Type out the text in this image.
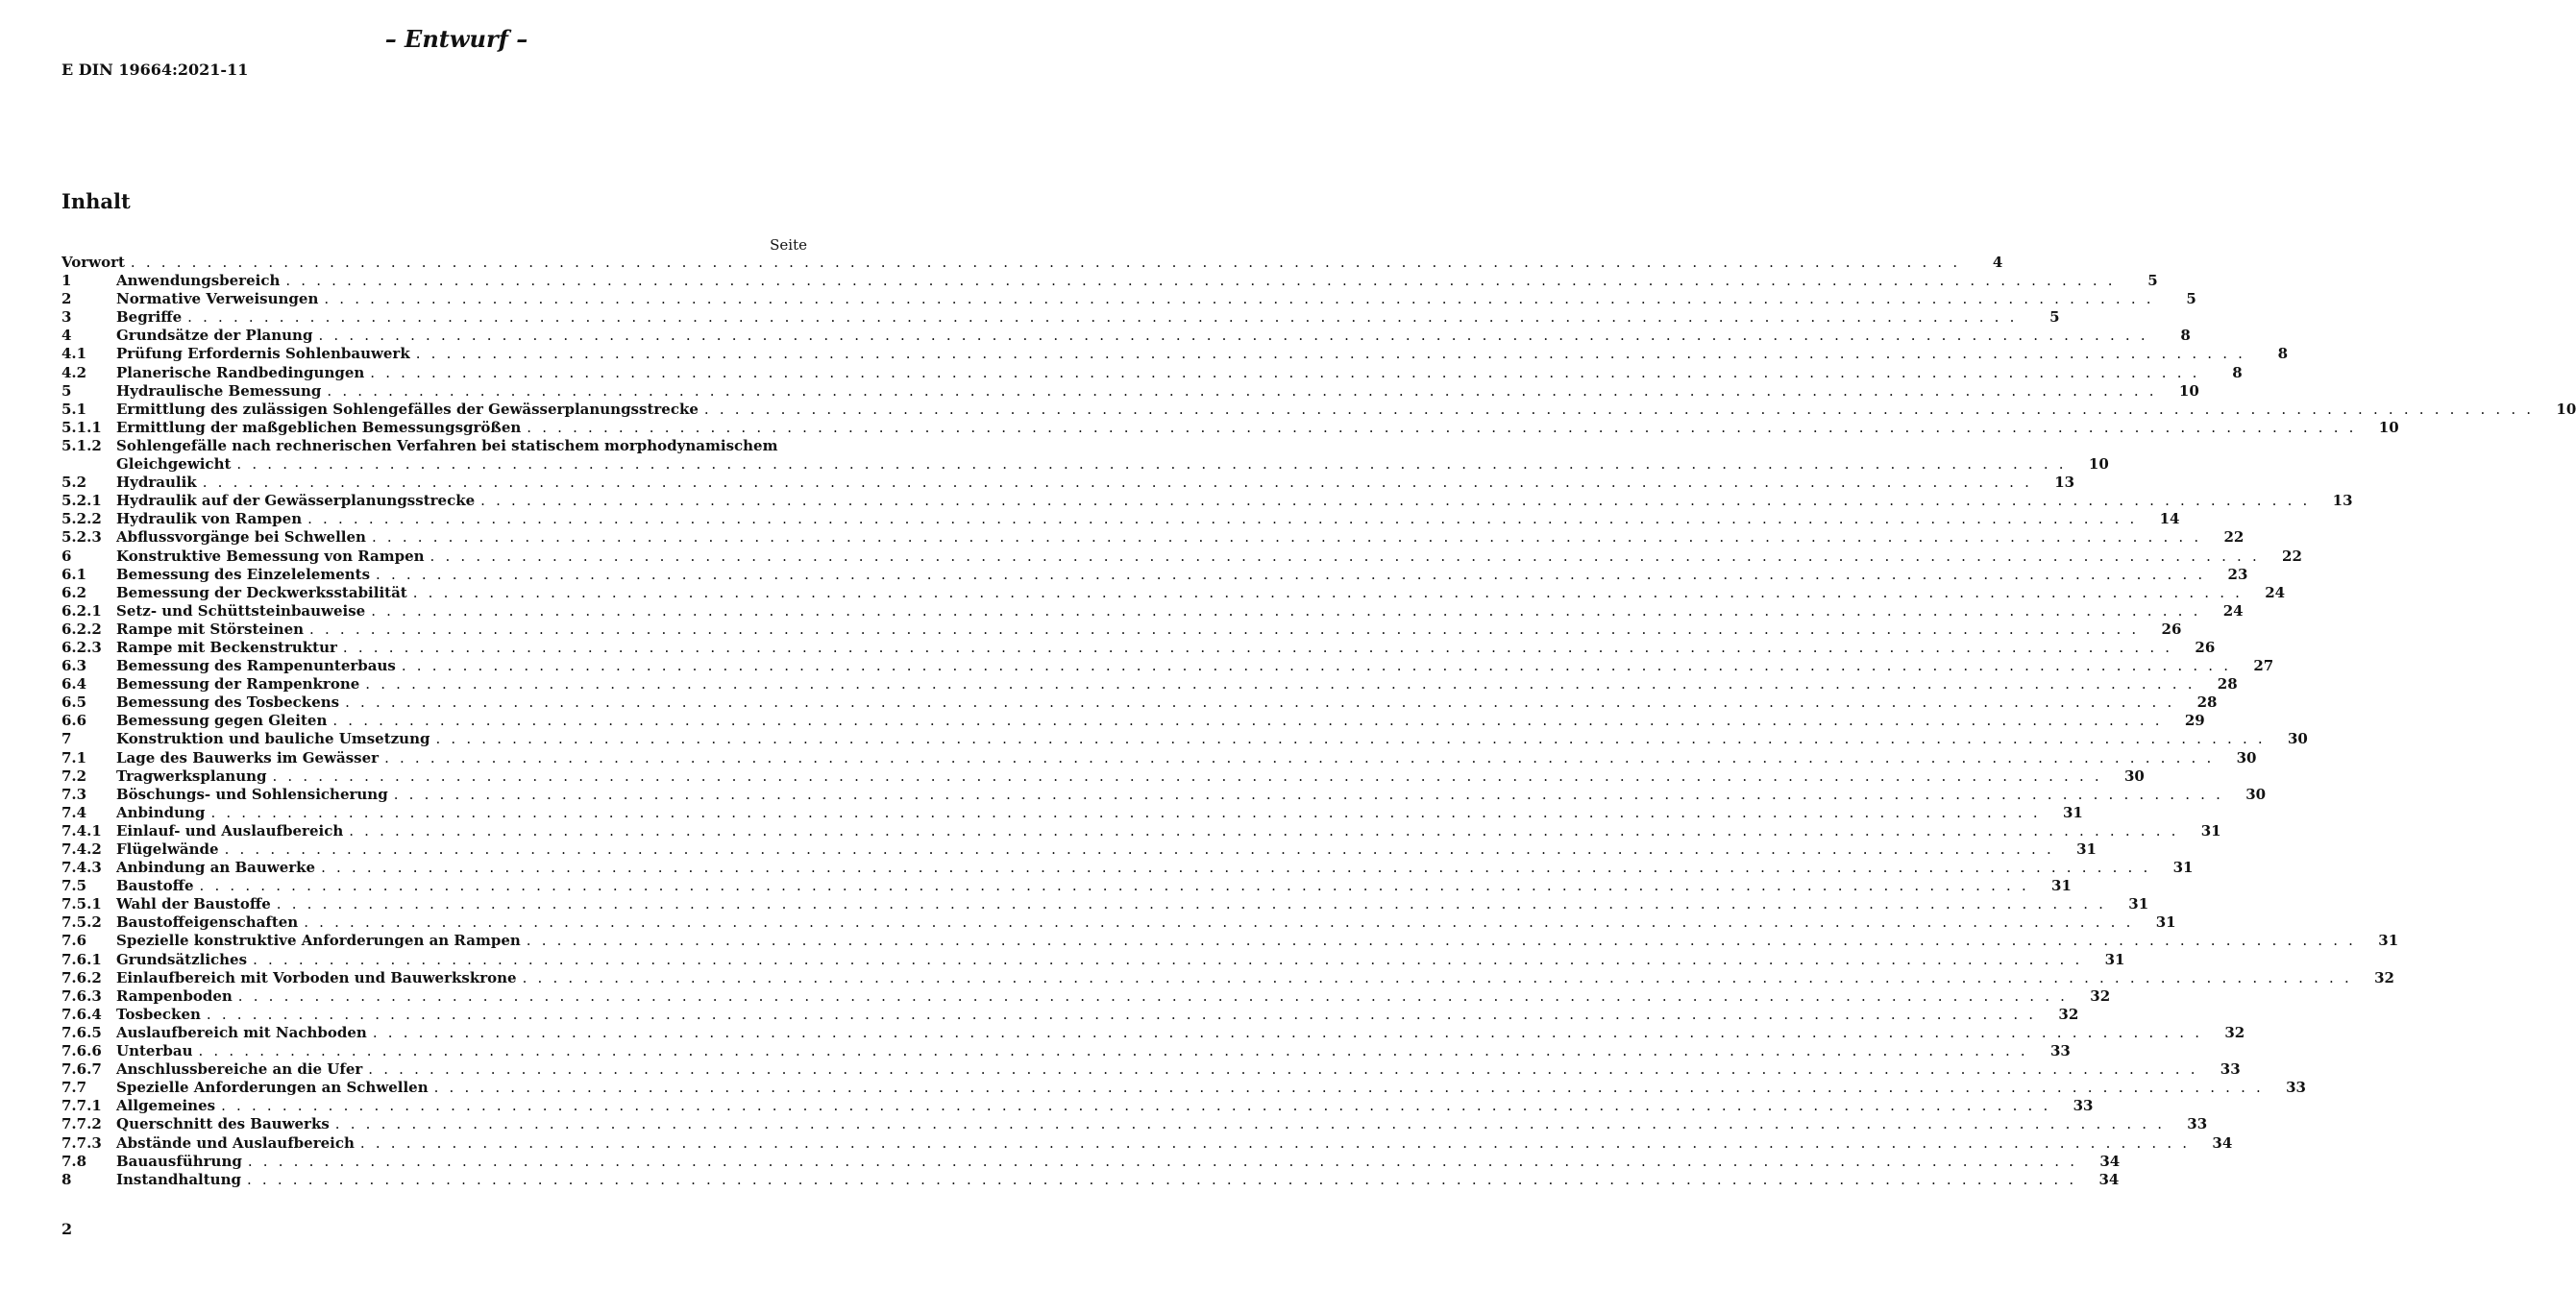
– Entwurf –
E DIN 19664:2021-11
Inhalt
Seite
Vorwort . . . . . . . . . . . . . . . . . . . . . . . . . . . . . . . . . . . . . . . . . . . . . . . . . . . . . . . . . . . . . . . . . . . . . . . . . . . . . . . . . . . . . . . . . . . . . . . . . . . . . . . . . . . . . . . . . . . . . . . .	4
1	Anwendungsbereich . . . . . . . . . . . . . . . . . . . . . . . . . . . . . . . . . . . . . . . . . . . . . . . . . . . . . . . . . . . . . . . . . . . . . . . . . . . . . . . . . . . . . . . . . . . . . . . . . . . . . . . . . . . . . . . . . . . . . . . .	5
2	Normative Verweisungen . . . . . . . . . . . . . . . . . . . . . . . . . . . . . . . . . . . . . . . . . . . . . . . . . . . . . . . . . . . . . . . . . . . . . . . . . . . . . . . . . . . . . . . . . . . . . . . . . . . . . . . . . . . . . . . . . . . . . . . .	5
3	Begriffe . . . . . . . . . . . . . . . . . . . . . . . . . . . . . . . . . . . . . . . . . . . . . . . . . . . . . . . . . . . . . . . . . . . . . . . . . . . . . . . . . . . . . . . . . . . . . . . . . . . . . . . . . . . . . . . . . . . . . . . .	5
4	Grundsätze der Planung . . . . . . . . . . . . . . . . . . . . . . . . . . . . . . . . . . . . . . . . . . . . . . . . . . . . . . . . . . . . . . . . . . . . . . . . . . . . . . . . . . . . . . . . . . . . . . . . . . . . . . . . . . . . . . . . . . . . . . . .	8
4.1	Prüfung Erfordernis Sohlenbauwerk . . . . . . . . . . . . . . . . . . . . . . . . . . . . . . . . . . . . . . . . . . . . . . . . . . . . . . . . . . . . . . . . . . . . . . . . . . . . . . . . . . . . . . . . . . . . . . . . . . . . . . . . . . . . . . . . . . . . . . . .	8
4.2	Planerische Randbedingungen . . . . . . . . . . . . . . . . . . . . . . . . . . . . . . . . . . . . . . . . . . . . . . . . . . . . . . . . . . . . . . . . . . . . . . . . . . . . . . . . . . . . . . . . . . . . . . . . . . . . . . . . . . . . . . . . . . . . . . . .	8
5	Hydraulische Bemessung . . . . . . . . . . . . . . . . . . . . . . . . . . . . . . . . . . . . . . . . . . . . . . . . . . . . . . . . . . . . . . . . . . . . . . . . . . . . . . . . . . . . . . . . . . . . . . . . . . . . . . . . . . . . . . . . . . . . . . . .	10
5.1	Ermittlung des zulässigen Sohlengefälles der Gewässerplanungsstrecke . . . . . . . . . . . . . . . . . . . . . . . . . . . . . . . . . . . . . . . . . . . . . . . . . . . . . . . . . . . . . . . . . . . . . . . . . . . . . . . . . . . . . . . . . . . . . . . . . . . . . . . . . . . . . . . . . . . . . . . .	10
5.1.1	Ermittlung der maßgeblichen Bemessungsgrößen . . . . . . . . . . . . . . . . . . . . . . . . . . . . . . . . . . . . . . . . . . . . . . . . . . . . . . . . . . . . . . . . . . . . . . . . . . . . . . . . . . . . . . . . . . . . . . . . . . . . . . . . . . . . . . . . . . . . . . . .	10
5.1.2	Sohlengefälle nach rechnerischen Verfahren bei statischem morphodynamischem
Gleichgewicht . . . . . . . . . . . . . . . . . . . . . . . . . . . . . . . . . . . . . . . . . . . . . . . . . . . . . . . . . . . . . . . . . . . . . . . . . . . . . . . . . . . . . . . . . . . . . . . . . . . . . . . . . . . . . . . . . . . . . . . .	10
5.2	Hydraulik . . . . . . . . . . . . . . . . . . . . . . . . . . . . . . . . . . . . . . . . . . . . . . . . . . . . . . . . . . . . . . . . . . . . . . . . . . . . . . . . . . . . . . . . . . . . . . . . . . . . . . . . . . . . . . . . . . . . . . . .	13
5.2.1	Hydraulik auf der Gewässerplanungsstrecke . . . . . . . . . . . . . . . . . . . . . . . . . . . . . . . . . . . . . . . . . . . . . . . . . . . . . . . . . . . . . . . . . . . . . . . . . . . . . . . . . . . . . . . . . . . . . . . . . . . . . . . . . . . . . . . . . . . . . . . .	13
5.2.2	Hydraulik von Rampen . . . . . . . . . . . . . . . . . . . . . . . . . . . . . . . . . . . . . . . . . . . . . . . . . . . . . . . . . . . . . . . . . . . . . . . . . . . . . . . . . . . . . . . . . . . . . . . . . . . . . . . . . . . . . . . . . . . . . . . .	14
5.2.3	Abflussvorgänge bei Schwellen . . . . . . . . . . . . . . . . . . . . . . . . . . . . . . . . . . . . . . . . . . . . . . . . . . . . . . . . . . . . . . . . . . . . . . . . . . . . . . . . . . . . . . . . . . . . . . . . . . . . . . . . . . . . . . . . . . . . . . . .	22
6	Konstruktive Bemessung von Rampen . . . . . . . . . . . . . . . . . . . . . . . . . . . . . . . . . . . . . . . . . . . . . . . . . . . . . . . . . . . . . . . . . . . . . . . . . . . . . . . . . . . . . . . . . . . . . . . . . . . . . . . . . . . . . . . . . . . . . . . .	22
6.1	Bemessung des Einzelelements . . . . . . . . . . . . . . . . . . . . . . . . . . . . . . . . . . . . . . . . . . . . . . . . . . . . . . . . . . . . . . . . . . . . . . . . . . . . . . . . . . . . . . . . . . . . . . . . . . . . . . . . . . . . . . . . . . . . . . . .	23
6.2	Bemessung der Deckwerksstabilität . . . . . . . . . . . . . . . . . . . . . . . . . . . . . . . . . . . . . . . . . . . . . . . . . . . . . . . . . . . . . . . . . . . . . . . . . . . . . . . . . . . . . . . . . . . . . . . . . . . . . . . . . . . . . . . . . . . . . . . .	24
6.2.1	Setz- und Schüttsteinbauweise . . . . . . . . . . . . . . . . . . . . . . . . . . . . . . . . . . . . . . . . . . . . . . . . . . . . . . . . . . . . . . . . . . . . . . . . . . . . . . . . . . . . . . . . . . . . . . . . . . . . . . . . . . . . . . . . . . . . . . . .	24
6.2.2	Rampe mit Störsteinen . . . . . . . . . . . . . . . . . . . . . . . . . . . . . . . . . . . . . . . . . . . . . . . . . . . . . . . . . . . . . . . . . . . . . . . . . . . . . . . . . . . . . . . . . . . . . . . . . . . . . . . . . . . . . . . . . . . . . . . .	26
6.2.3	Rampe mit Beckenstruktur . . . . . . . . . . . . . . . . . . . . . . . . . . . . . . . . . . . . . . . . . . . . . . . . . . . . . . . . . . . . . . . . . . . . . . . . . . . . . . . . . . . . . . . . . . . . . . . . . . . . . . . . . . . . . . . . . . . . . . . .	26
6.3	Bemessung des Rampenunterbaus . . . . . . . . . . . . . . . . . . . . . . . . . . . . . . . . . . . . . . . . . . . . . . . . . . . . . . . . . . . . . . . . . . . . . . . . . . . . . . . . . . . . . . . . . . . . . . . . . . . . . . . . . . . . . . . . . . . . . . . .	27
6.4	Bemessung der Rampenkrone . . . . . . . . . . . . . . . . . . . . . . . . . . . . . . . . . . . . . . . . . . . . . . . . . . . . . . . . . . . . . . . . . . . . . . . . . . . . . . . . . . . . . . . . . . . . . . . . . . . . . . . . . . . . . . . . . . . . . . . .	28
6.5	Bemessung des Tosbeckens . . . . . . . . . . . . . . . . . . . . . . . . . . . . . . . . . . . . . . . . . . . . . . . . . . . . . . . . . . . . . . . . . . . . . . . . . . . . . . . . . . . . . . . . . . . . . . . . . . . . . . . . . . . . . . . . . . . . . . . .	28
6.6	Bemessung gegen Gleiten . . . . . . . . . . . . . . . . . . . . . . . . . . . . . . . . . . . . . . . . . . . . . . . . . . . . . . . . . . . . . . . . . . . . . . . . . . . . . . . . . . . . . . . . . . . . . . . . . . . . . . . . . . . . . . . . . . . . . . . .	29
7	Konstruktion und bauliche Umsetzung . . . . . . . . . . . . . . . . . . . . . . . . . . . . . . . . . . . . . . . . . . . . . . . . . . . . . . . . . . . . . . . . . . . . . . . . . . . . . . . . . . . . . . . . . . . . . . . . . . . . . . . . . . . . . . . . . . . . . . . .	30
7.1	Lage des Bauwerks im Gewässer . . . . . . . . . . . . . . . . . . . . . . . . . . . . . . . . . . . . . . . . . . . . . . . . . . . . . . . . . . . . . . . . . . . . . . . . . . . . . . . . . . . . . . . . . . . . . . . . . . . . . . . . . . . . . . . . . . . . . . . .	30
7.2	Tragwerksplanung . . . . . . . . . . . . . . . . . . . . . . . . . . . . . . . . . . . . . . . . . . . . . . . . . . . . . . . . . . . . . . . . . . . . . . . . . . . . . . . . . . . . . . . . . . . . . . . . . . . . . . . . . . . . . . . . . . . . . . . .	30
7.3	Böschungs- und Sohlensicherung . . . . . . . . . . . . . . . . . . . . . . . . . . . . . . . . . . . . . . . . . . . . . . . . . . . . . . . . . . . . . . . . . . . . . . . . . . . . . . . . . . . . . . . . . . . . . . . . . . . . . . . . . . . . . . . . . . . . . . . .	30
7.4	Anbindung . . . . . . . . . . . . . . . . . . . . . . . . . . . . . . . . . . . . . . . . . . . . . . . . . . . . . . . . . . . . . . . . . . . . . . . . . . . . . . . . . . . . . . . . . . . . . . . . . . . . . . . . . . . . . . . . . . . . . . . .	31
7.4.1	Einlauf- und Auslaufbereich . . . . . . . . . . . . . . . . . . . . . . . . . . . . . . . . . . . . . . . . . . . . . . . . . . . . . . . . . . . . . . . . . . . . . . . . . . . . . . . . . . . . . . . . . . . . . . . . . . . . . . . . . . . . . . . . . . . . . . . .	31
7.4.2	Flügelwände . . . . . . . . . . . . . . . . . . . . . . . . . . . . . . . . . . . . . . . . . . . . . . . . . . . . . . . . . . . . . . . . . . . . . . . . . . . . . . . . . . . . . . . . . . . . . . . . . . . . . . . . . . . . . . . . . . . . . . . .	31
7.4.3	Anbindung an Bauwerke . . . . . . . . . . . . . . . . . . . . . . . . . . . . . . . . . . . . . . . . . . . . . . . . . . . . . . . . . . . . . . . . . . . . . . . . . . . . . . . . . . . . . . . . . . . . . . . . . . . . . . . . . . . . . . . . . . . . . . . .	31
7.5	Baustoffe . . . . . . . . . . . . . . . . . . . . . . . . . . . . . . . . . . . . . . . . . . . . . . . . . . . . . . . . . . . . . . . . . . . . . . . . . . . . . . . . . . . . . . . . . . . . . . . . . . . . . . . . . . . . . . . . . . . . . . . .	31
7.5.1	Wahl der Baustoffe . . . . . . . . . . . . . . . . . . . . . . . . . . . . . . . . . . . . . . . . . . . . . . . . . . . . . . . . . . . . . . . . . . . . . . . . . . . . . . . . . . . . . . . . . . . . . . . . . . . . . . . . . . . . . . . . . . . . . . . .	31
7.5.2	Baustoffeigenschaften . . . . . . . . . . . . . . . . . . . . . . . . . . . . . . . . . . . . . . . . . . . . . . . . . . . . . . . . . . . . . . . . . . . . . . . . . . . . . . . . . . . . . . . . . . . . . . . . . . . . . . . . . . . . . . . . . . . . . . . .	31
7.6	Spezielle konstruktive Anforderungen an Rampen . . . . . . . . . . . . . . . . . . . . . . . . . . . . . . . . . . . . . . . . . . . . . . . . . . . . . . . . . . . . . . . . . . . . . . . . . . . . . . . . . . . . . . . . . . . . . . . . . . . . . . . . . . . . . . . . . . . . . . . .	31
7.6.1	Grundsätzliches . . . . . . . . . . . . . . . . . . . . . . . . . . . . . . . . . . . . . . . . . . . . . . . . . . . . . . . . . . . . . . . . . . . . . . . . . . . . . . . . . . . . . . . . . . . . . . . . . . . . . . . . . . . . . . . . . . . . . . . .	31
7.6.2	Einlaufbereich mit Vorboden und Bauwerkskrone . . . . . . . . . . . . . . . . . . . . . . . . . . . . . . . . . . . . . . . . . . . . . . . . . . . . . . . . . . . . . . . . . . . . . . . . . . . . . . . . . . . . . . . . . . . . . . . . . . . . . . . . . . . . . . . . . . . . . . . .	32
7.6.3	Rampenboden . . . . . . . . . . . . . . . . . . . . . . . . . . . . . . . . . . . . . . . . . . . . . . . . . . . . . . . . . . . . . . . . . . . . . . . . . . . . . . . . . . . . . . . . . . . . . . . . . . . . . . . . . . . . . . . . . . . . . . . .	32
7.6.4	Tosbecken . . . . . . . . . . . . . . . . . . . . . . . . . . . . . . . . . . . . . . . . . . . . . . . . . . . . . . . . . . . . . . . . . . . . . . . . . . . . . . . . . . . . . . . . . . . . . . . . . . . . . . . . . . . . . . . . . . . . . . . .	32
7.6.5	Auslaufbereich mit Nachboden . . . . . . . . . . . . . . . . . . . . . . . . . . . . . . . . . . . . . . . . . . . . . . . . . . . . . . . . . . . . . . . . . . . . . . . . . . . . . . . . . . . . . . . . . . . . . . . . . . . . . . . . . . . . . . . . . . . . . . . .	32
7.6.6	Unterbau . . . . . . . . . . . . . . . . . . . . . . . . . . . . . . . . . . . . . . . . . . . . . . . . . . . . . . . . . . . . . . . . . . . . . . . . . . . . . . . . . . . . . . . . . . . . . . . . . . . . . . . . . . . . . . . . . . . . . . . .	33
7.6.7	Anschlussbereiche an die Ufer . . . . . . . . . . . . . . . . . . . . . . . . . . . . . . . . . . . . . . . . . . . . . . . . . . . . . . . . . . . . . . . . . . . . . . . . . . . . . . . . . . . . . . . . . . . . . . . . . . . . . . . . . . . . . . . . . . . . . . . .	33
7.7	Spezielle Anforderungen an Schwellen . . . . . . . . . . . . . . . . . . . . . . . . . . . . . . . . . . . . . . . . . . . . . . . . . . . . . . . . . . . . . . . . . . . . . . . . . . . . . . . . . . . . . . . . . . . . . . . . . . . . . . . . . . . . . . . . . . . . . . . .	33
7.7.1	Allgemeines . . . . . . . . . . . . . . . . . . . . . . . . . . . . . . . . . . . . . . . . . . . . . . . . . . . . . . . . . . . . . . . . . . . . . . . . . . . . . . . . . . . . . . . . . . . . . . . . . . . . . . . . . . . . . . . . . . . . . . . .	33
7.7.2	Querschnitt des Bauwerks . . . . . . . . . . . . . . . . . . . . . . . . . . . . . . . . . . . . . . . . . . . . . . . . . . . . . . . . . . . . . . . . . . . . . . . . . . . . . . . . . . . . . . . . . . . . . . . . . . . . . . . . . . . . . . . . . . . . . . . .	33
7.7.3	Abstände und Auslaufbereich . . . . . . . . . . . . . . . . . . . . . . . . . . . . . . . . . . . . . . . . . . . . . . . . . . . . . . . . . . . . . . . . . . . . . . . . . . . . . . . . . . . . . . . . . . . . . . . . . . . . . . . . . . . . . . . . . . . . . . . .	34
7.8	Bauausführung . . . . . . . . . . . . . . . . . . . . . . . . . . . . . . . . . . . . . . . . . . . . . . . . . . . . . . . . . . . . . . . . . . . . . . . . . . . . . . . . . . . . . . . . . . . . . . . . . . . . . . . . . . . . . . . . . . . . . . . .	34
8	Instandhaltung . . . . . . . . . . . . . . . . . . . . . . . . . . . . . . . . . . . . . . . . . . . . . . . . . . . . . . . . . . . . . . . . . . . . . . . . . . . . . . . . . . . . . . . . . . . . . . . . . . . . . . . . . . . . . . . . . . . . . . . .	34
2
